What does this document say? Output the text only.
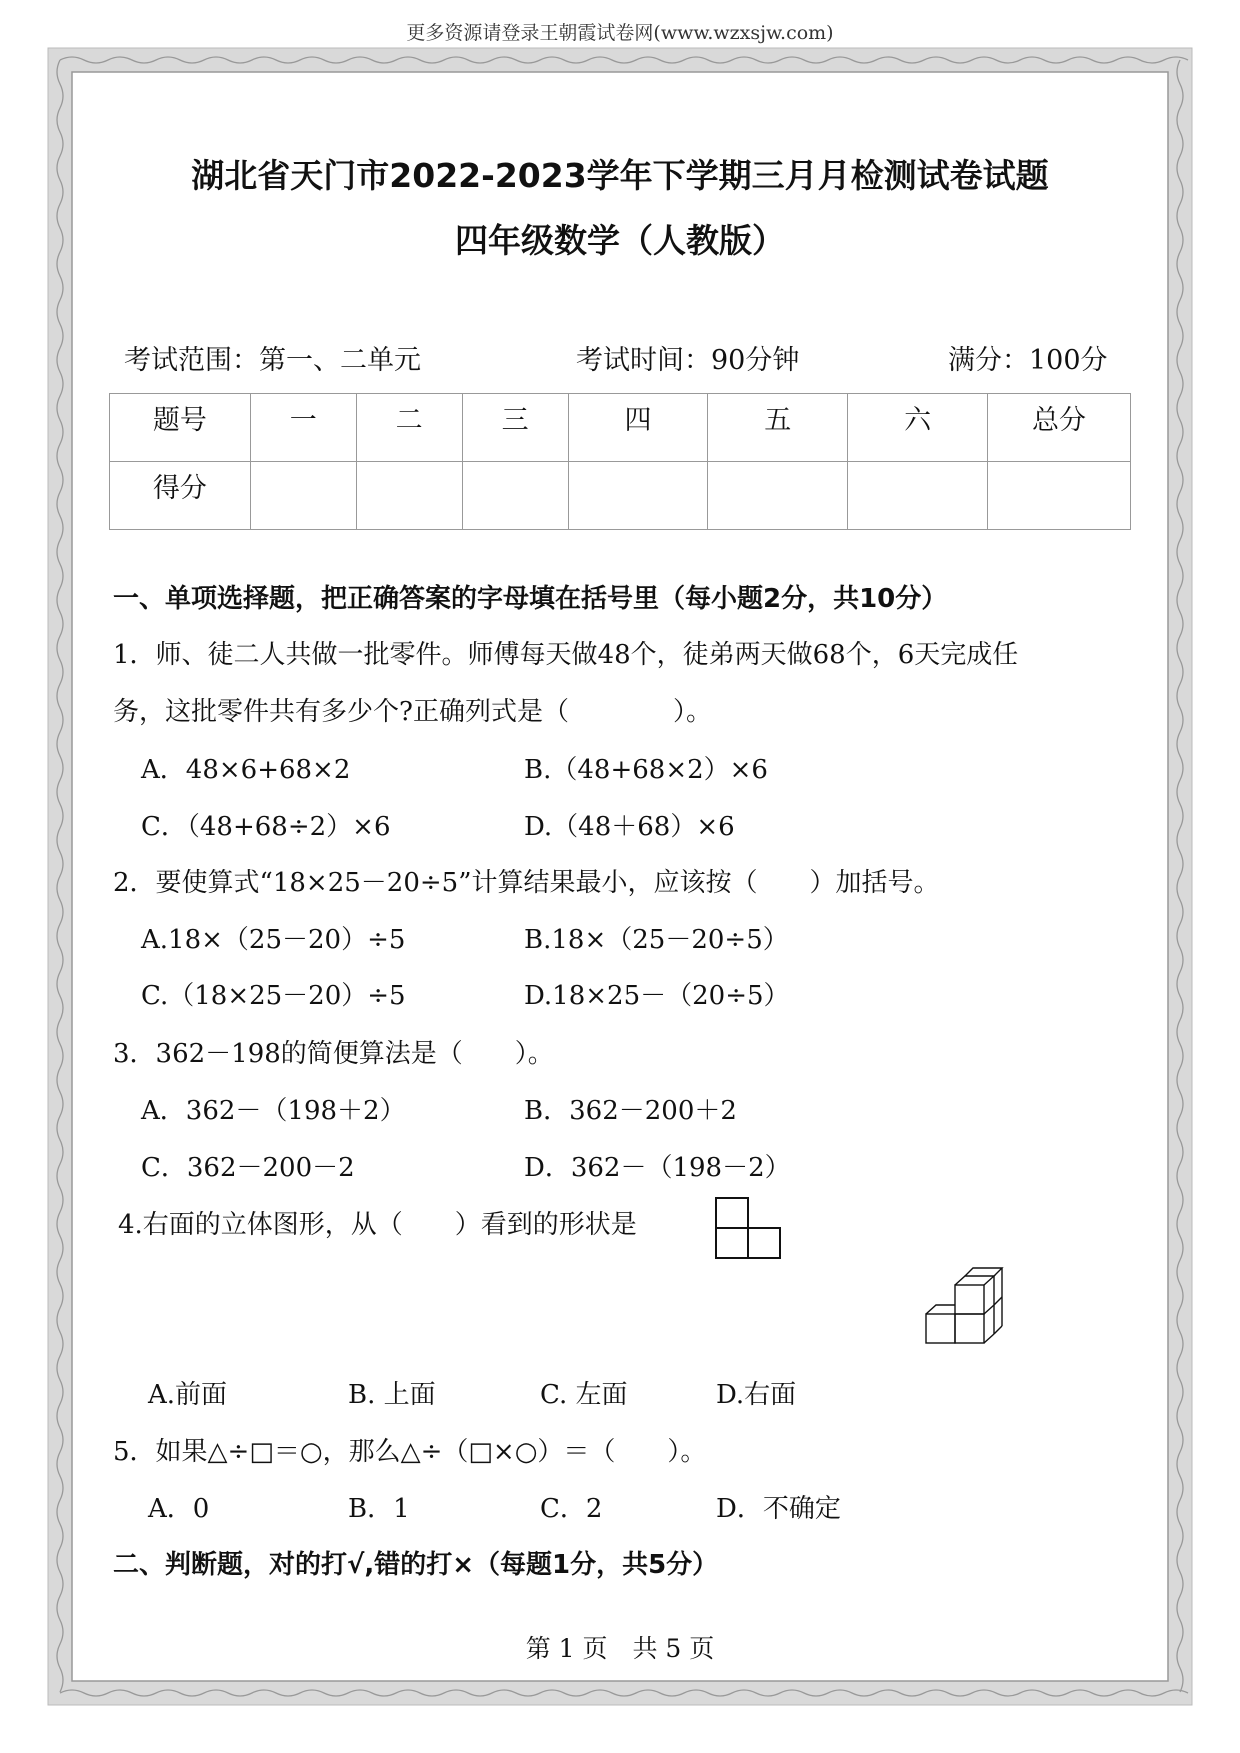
更多资源请登录王朝霞试卷网(www.wzxsjw.com)
湖北省天门市2022-2023学年下学期三月月检测试卷试题
四年级数学（人教版）
考试范围：第一、二单元	考试时间：90分钟	满分：100分
题号	一	二	三	四	五	六	总分
得分							
一、单项选择题，把正确答案的字母填在括号里（每小题2分，共10分）
1．师、徒二人共做一批零件。师傅每天做48个，徒弟两天做68个，6天完成任
务，这批零件共有多少个?正确列式是（　　　　）。
A．48×6+68×2	B.（48+68×2）×6
C．（48+68÷2）×6	D.（48＋68）×6
2．要使算式“18×25－20÷5”计算结果最小，应该按（　　）加括号。
A.18×（25－20）÷5	B.18×（25－20÷5）
C.（18×25－20）÷5	D.18×25－（20÷5）
3．362－198的简便算法是（　　）。
A．362－（198＋2）	B．362－200＋2
C．362－200－2	D．362－（198－2）
4.右面的立体图形，从（　　）看到的形状是
A.前面	B. 上面	C. 左面	D.右面
5．如果△÷□＝○，那么△÷（□×○）＝（　　）。
A．0	B．1	C．2	D．不确定
二、判断题，对的打√,错的打×（每题1分，共5分）
第 1 页　共 5 页
